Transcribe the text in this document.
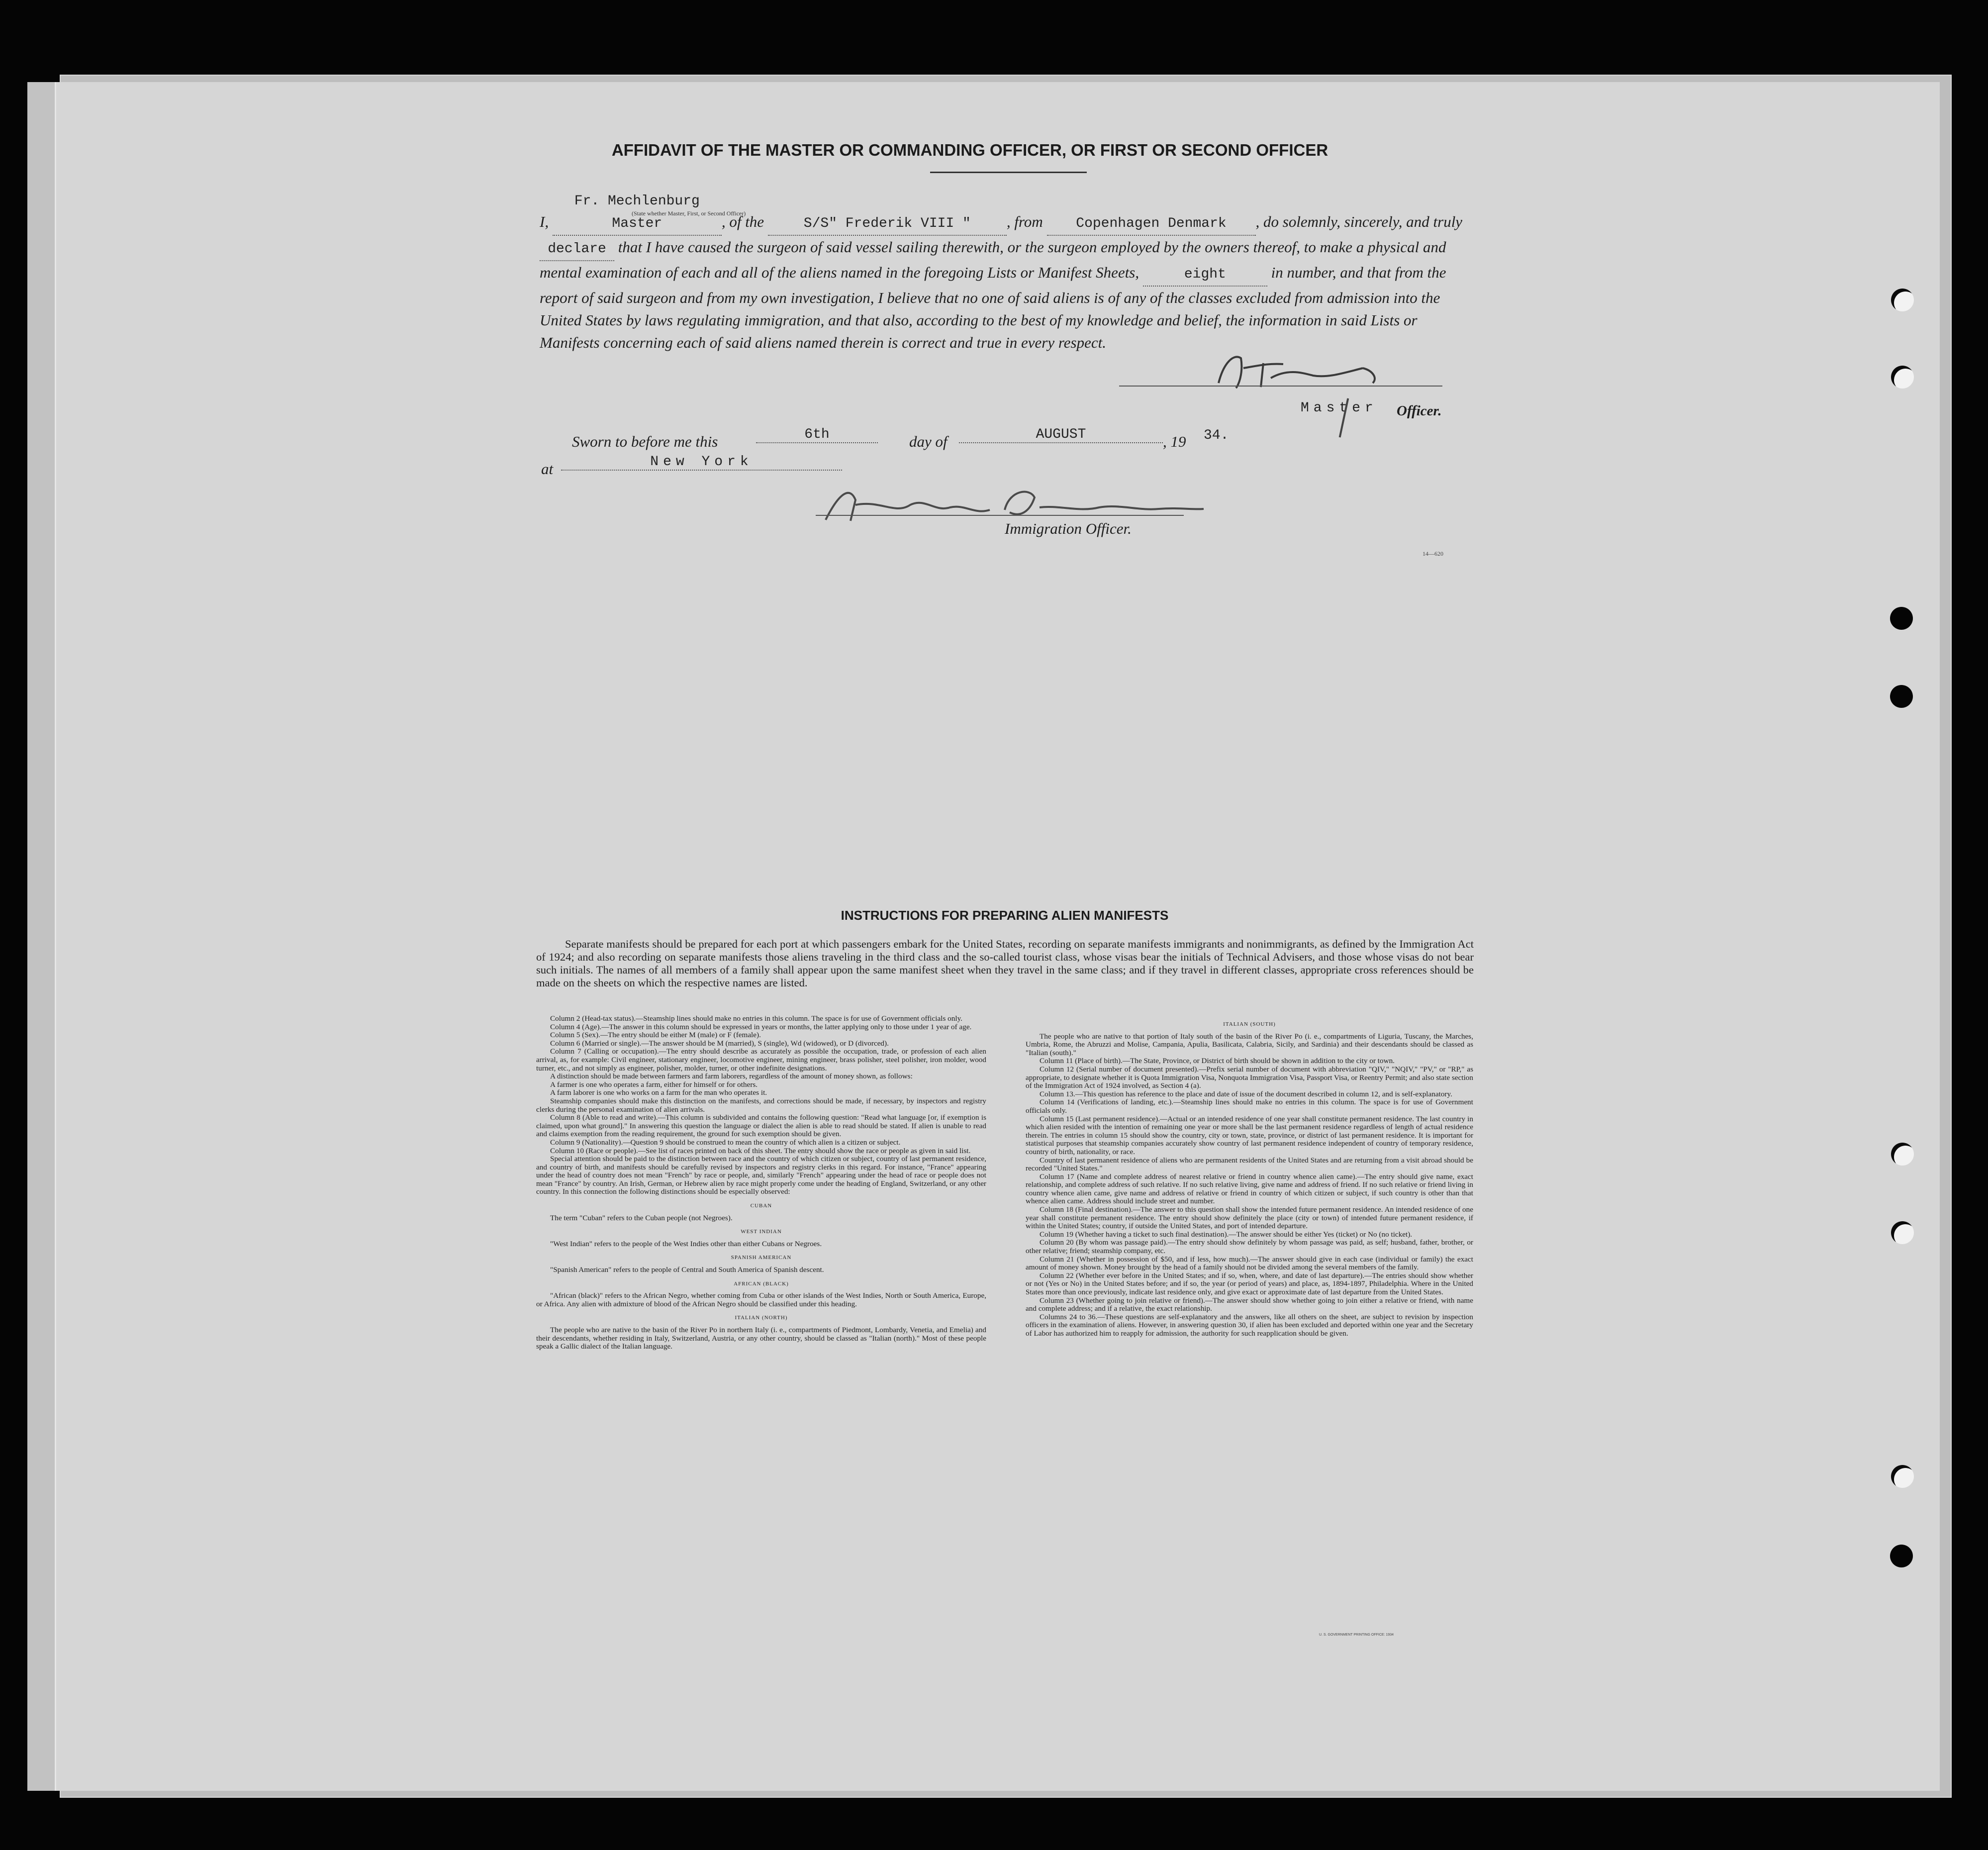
AFFIDAVIT OF THE MASTER OR COMMANDING OFFICER, OR FIRST OR SECOND OFFICER
I, Fr. Mechlenburg Master	, of the	S/S" Frederik VIII " , from Copenhagen Denmark , do solemnly, sincerely, and truly declare that I have caused the surgeon of said vessel sailing therewith, or the surgeon employed by the owners thereof, to make a physical and mental examination of each and all of the aliens named in the foregoing Lists or Manifest Sheets,	eight	in number, and that from the report of said surgeon and from my own investigation, I believe that no one of said aliens is of any of the classes excluded from admission into the United States by laws regulating immigration, and that also, according to the best of my knowledge and belief, the information in said Lists or Manifests concerning each of said aliens named therein is correct and true in every respect.
(State whether Master, First, or Second Officer)
Master Officer.
Sworn to before me this	6th	day of	AUGUST	, 19 34.
at	New York
Immigration Officer.
14—620
INSTRUCTIONS FOR PREPARING ALIEN MANIFESTS
Separate manifests should be prepared for each port at which passengers embark for the United States, recording on separate manifests immigrants and nonimmigrants, as defined by the Immigration Act of 1924; and also recording on separate manifests those aliens traveling in the third class and the so-called tourist class, whose visas bear the initials of Technical Advisers, and those whose visas do not bear such initials. The names of all members of a family shall appear upon the same manifest sheet when they travel in the same class; and if they travel in different classes, appropriate cross references should be made on the sheets on which the respective names are listed.

Column 2 (Head-tax status).—Steamship lines should make no entries in this column. The space is for use of Government officials only.

Column 4 (Age).—The answer in this column should be expressed in years or months, the latter applying only to those under 1 year of age.

Column 5 (Sex).—The entry should be either M (male) or F (female).

Column 6 (Married or single).—The answer should be M (married), S (single), Wd (widowed), or D (divorced).

Column 7 (Calling or occupation).—The entry should describe as accurately as possible the occupation, trade, or profession of each alien arrival, as, for example: Civil engineer, stationary engineer, locomotive engineer, mining engineer, brass polisher, steel polisher, iron molder, wood turner, etc., and not simply as engineer, polisher, molder, turner, or other indefinite designations.

A distinction should be made between farmers and farm laborers, regardless of the amount of money shown, as follows:

A farmer is one who operates a farm, either for himself or for others.

A farm laborer is one who works on a farm for the man who operates it.

Steamship companies should make this distinction on the manifests, and corrections should be made, if necessary, by inspectors and registry clerks during the personal examination of alien arrivals.

Column 8 (Able to read and write).—This column is subdivided and contains the following question: "Read what language [or, if exemption is claimed, upon what ground]." In answering this question the language or dialect the alien is able to read should be stated. If alien is unable to read and claims exemption from the reading requirement, the ground for such exemption should be given.

Column 9 (Nationality).—Question 9 should be construed to mean the country of which alien is a citizen or subject.

Column 10 (Race or people).—See list of races printed on back of this sheet. The entry should show the race or people as given in said list.

Special attention should be paid to the distinction between race and the country of which citizen or subject, country of last permanent residence, and country of birth, and manifests should be carefully revised by inspectors and registry clerks in this regard. For instance, "France" appearing under the head of country does not mean "French" by race or people, and, similarly "French" appearing under the head of race or people does not mean "France" by country. An Irish, German, or Hebrew alien by race might properly come under the heading of England, Switzerland, or any other country. In this connection the following distinctions should be especially observed:

CUBAN

The term "Cuban" refers to the Cuban people (not Negroes).

WEST INDIAN

"West Indian" refers to the people of the West Indies other than either Cubans or Negroes.

SPANISH AMERICAN

"Spanish American" refers to the people of Central and South America of Spanish descent.

AFRICAN (BLACK)

"African (black)" refers to the African Negro, whether coming from Cuba or other islands of the West Indies, North or South America, Europe, or Africa. Any alien with admixture of blood of the African Negro should be classified under this heading.

ITALIAN (NORTH)

The people who are native to the basin of the River Po in northern Italy (i. e., compartments of Piedmont, Lombardy, Venetia, and Emelia) and their descendants, whether residing in Italy, Switzerland, Austria, or any other country, should be classed as "Italian (north)." Most of these people speak a Gallic dialect of the Italian language.

ITALIAN (SOUTH)

The people who are native to that portion of Italy south of the basin of the River Po (i. e., compartments of Liguria, Tuscany, the Marches, Umbria, Rome, the Abruzzi and Molise, Campania, Apulia, Basilicata, Calabria, Sicily, and Sardinia) and their descendants should be classed as "Italian (south)."

Column 11 (Place of birth).—The State, Province, or District of birth should be shown in addition to the city or town.

Column 12 (Serial number of document presented).—Prefix serial number of document with abbreviation "QIV," "NQIV," "PV," or "RP," as appropriate, to designate whether it is Quota Immigration Visa, Nonquota Immigration Visa, Passport Visa, or Reentry Permit; and also state section of the Immigration Act of 1924 involved, as Section 4 (a).

Column 13.—This question has reference to the place and date of issue of the document described in column 12, and is self-explanatory.

Column 14 (Verifications of landing, etc.).—Steamship lines should make no entries in this column. The space is for use of Government officials only.

Column 15 (Last permanent residence).—Actual or an intended residence of one year shall constitute permanent residence. The last country in which alien resided with the intention of remaining one year or more shall be the last permanent residence regardless of length of actual residence therein. The entries in column 15 should show the country, city or town, state, province, or district of last permanent residence. It is important for statistical purposes that steamship companies accurately show country of last permanent residence independent of country of temporary residence, country of birth, nationality, or race.

Country of last permanent residence of aliens who are permanent residents of the United States and are returning from a visit abroad should be recorded "United States."

Column 17 (Name and complete address of nearest relative or friend in country whence alien came).—The entry should give name, exact relationship, and complete address of such relative. If no such relative living, give name and address of friend. If no such relative or friend living in country whence alien came, give name and address of relative or friend in country of which citizen or subject, if such country is other than that whence alien came. Address should include street and number.

Column 18 (Final destination).—The answer to this question shall show the intended future permanent residence. An intended residence of one year shall constitute permanent residence. The entry should show definitely the place (city or town) of intended future permanent residence, if within the United States; country, if outside the United States, and port of intended departure.

Column 19 (Whether having a ticket to such final destination).—The answer should be either Yes (ticket) or No (no ticket).

Column 20 (By whom was passage paid).—The entry should show definitely by whom passage was paid, as self; husband, father, brother, or other relative; friend; steamship company, etc.

Column 21 (Whether in possession of $50, and if less, how much).—The answer should give in each case (individual or family) the exact amount of money shown. Money brought by the head of a family should not be divided among the several members of the family.

Column 22 (Whether ever before in the United States; and if so, when, where, and date of last departure).—The entries should show whether or not (Yes or No) in the United States before; and if so, the year (or period of years) and place, as, 1894-1897, Philadelphia. Where in the United States more than once previously, indicate last residence only, and give exact or approximate date of last departure from the United States.

Column 23 (Whether going to join relative or friend).—The answer should show whether going to join either a relative or friend, with name and complete address; and if a relative, the exact relationship.

Columns 24 to 36.—These questions are self-explanatory and the answers, like all others on the sheet, are subject to revision by inspection officers in the examination of aliens. However, in answering question 30, if alien has been excluded and deported within one year and the Secretary of Labor has authorized him to reapply for admission, the authority for such reapplication should be given.

U. S. GOVERNMENT PRINTING OFFICE: 1934
